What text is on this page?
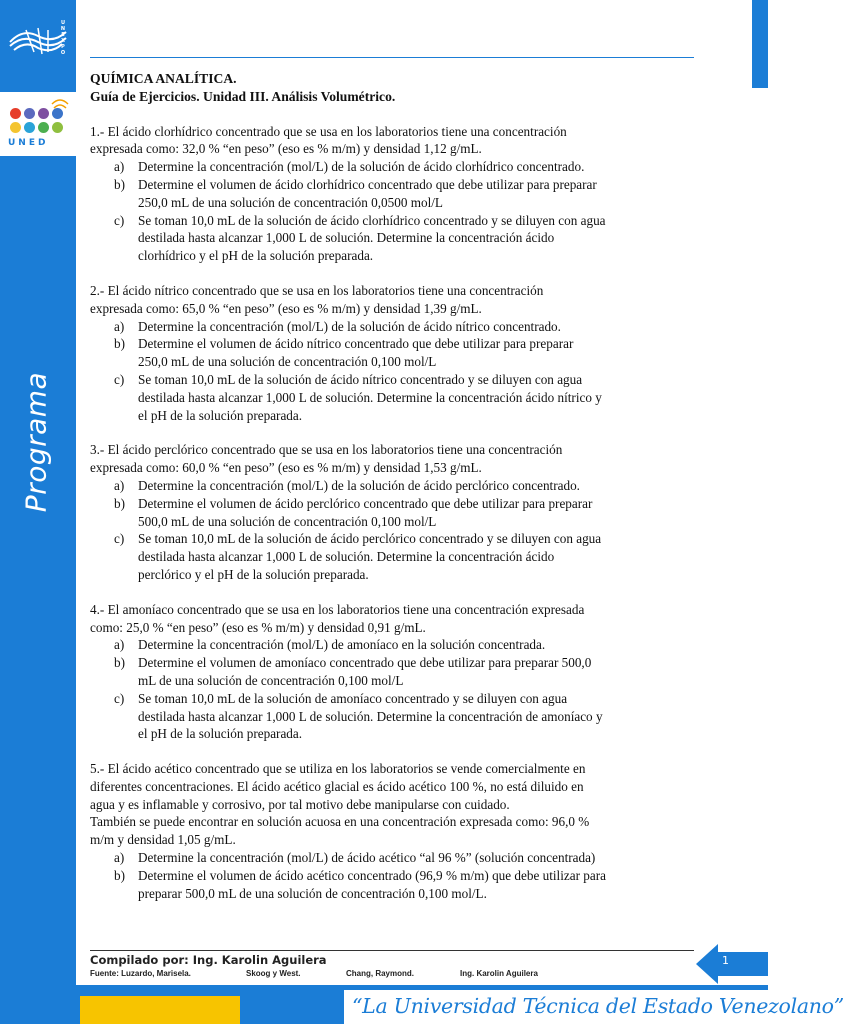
U
N
E
X
P
O
UNED
Programa

QUÍMICA ANALÍTICA.

Guía de Ejercicios. Unidad III. Análisis Volumétrico.

1.- El ácido clorhídrico concentrado que se usa en los laboratorios tiene una concentración

expresada como: 32,0 % “en peso” (eso es % m/m) y densidad 1,12 g/mL.

a) Determine la concentración (mol/L) de la solución de ácido clorhídrico concentrado.
b) Determine el volumen de ácido clorhídrico concentrado que debe utilizar para preparar
250,0 mL de una solución de concentración 0,0500 mol/L
c) Se toman 10,0 mL de la solución de ácido clorhídrico concentrado y se diluyen con agua
destilada hasta alcanzar 1,000 L de solución. Determine la concentración ácido
clorhídrico y el pH de la solución preparada.

2.- El ácido nítrico concentrado que se usa en los laboratorios tiene una concentración

expresada como: 65,0 % “en peso” (eso es % m/m) y densidad 1,39 g/mL.

a) Determine la concentración (mol/L) de la solución de ácido nítrico concentrado.
b) Determine el volumen de ácido nítrico concentrado que debe utilizar para preparar
250,0 mL de una solución de concentración 0,100 mol/L
c) Se toman 10,0 mL de la solución de ácido nítrico concentrado y se diluyen con agua
destilada hasta alcanzar 1,000 L de solución. Determine la concentración ácido nítrico y
el pH de la solución preparada.

3.- El ácido perclórico concentrado que se usa en los laboratorios tiene una concentración

expresada como: 60,0 % “en peso” (eso es % m/m) y densidad 1,53 g/mL.

a) Determine la concentración (mol/L) de la solución de ácido perclórico concentrado.
b) Determine el volumen de ácido perclórico concentrado que debe utilizar para preparar
500,0 mL de una solución de concentración 0,100 mol/L
c) Se toman 10,0 mL de la solución de ácido perclórico concentrado y se diluyen con agua
destilada hasta alcanzar 1,000 L de solución. Determine la concentración ácido
perclórico y el pH de la solución preparada.

4.- El amoníaco concentrado que se usa en los laboratorios tiene una concentración expresada

como: 25,0 % “en peso” (eso es % m/m) y densidad 0,91 g/mL.

a) Determine la concentración (mol/L) de amoníaco en la solución concentrada.
b) Determine el volumen de amoníaco concentrado que debe utilizar para preparar 500,0
mL de una solución de concentración 0,100 mol/L
c) Se toman 10,0 mL de la solución de amoníaco concentrado y se diluyen con agua
destilada hasta alcanzar 1,000 L de solución. Determine la concentración de amoníaco y
el pH de la solución preparada.

5.- El ácido acético concentrado que se utiliza en los laboratorios se vende comercialmente en

diferentes concentraciones. El ácido acético glacial es ácido acético 100 %, no está diluido en

agua y es inflamable y corrosivo, por tal motivo debe manipularse con cuidado.

También se puede encontrar en solución acuosa en una concentración expresada como: 96,0 %

m/m y densidad 1,05 g/mL.

a) Determine la concentración (mol/L) de ácido acético “al 96 %” (solución concentrada)
b) Determine el volumen de ácido acético concentrado (96,9 % m/m) que debe utilizar para
preparar 500,0 mL de una solución de concentración 0,100 mol/L.
Compilado por: Ing. Karolin Aguilera
Fuente: Luzardo, Marisela.	Skoog y West.	Chang, Raymond.	Ing. Karolin Aguilera
1
“La Universidad Técnica del Estado Venezolano”
